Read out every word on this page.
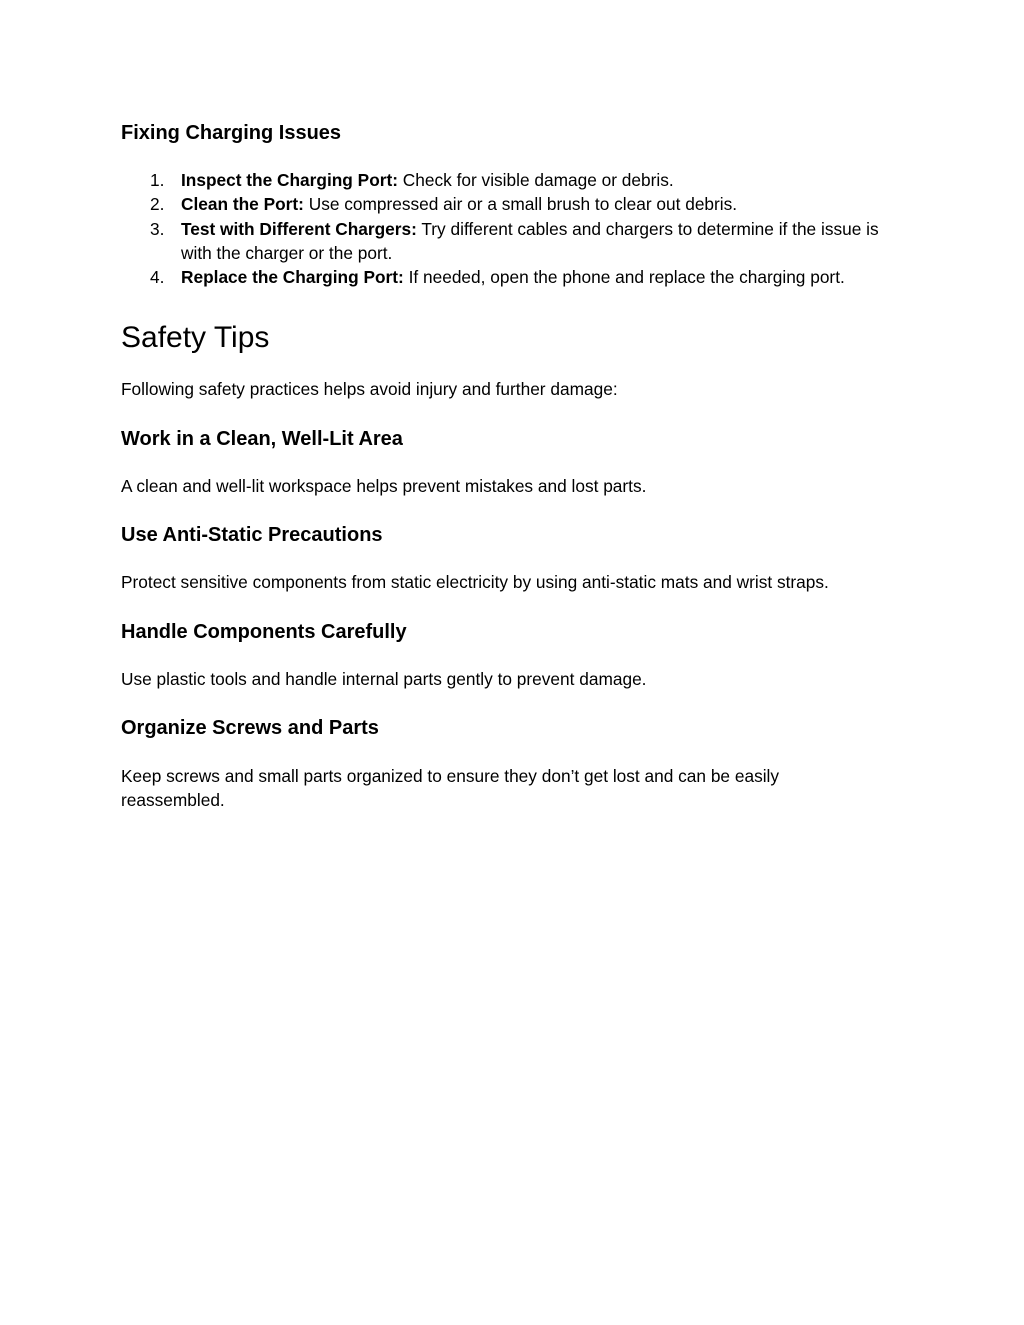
Fixing Charging Issues
1. Inspect the Charging Port: Check for visible damage or debris.
2. Clean the Port: Use compressed air or a small brush to clear out debris.
3. Test with Different Chargers: Try different cables and chargers to determine if the issue is with the charger or the port.
4. Replace the Charging Port: If needed, open the phone and replace the charging port.
Safety Tips

Following safety practices helps avoid injury and further damage:

Work in a Clean, Well-Lit Area

A clean and well-lit workspace helps prevent mistakes and lost parts.

Use Anti-Static Precautions

Protect sensitive components from static electricity by using anti-static mats and wrist straps.

Handle Components Carefully

Use plastic tools and handle internal parts gently to prevent damage.

Organize Screws and Parts

Keep screws and small parts organized to ensure they don’t get lost and can be easily reassembled.
